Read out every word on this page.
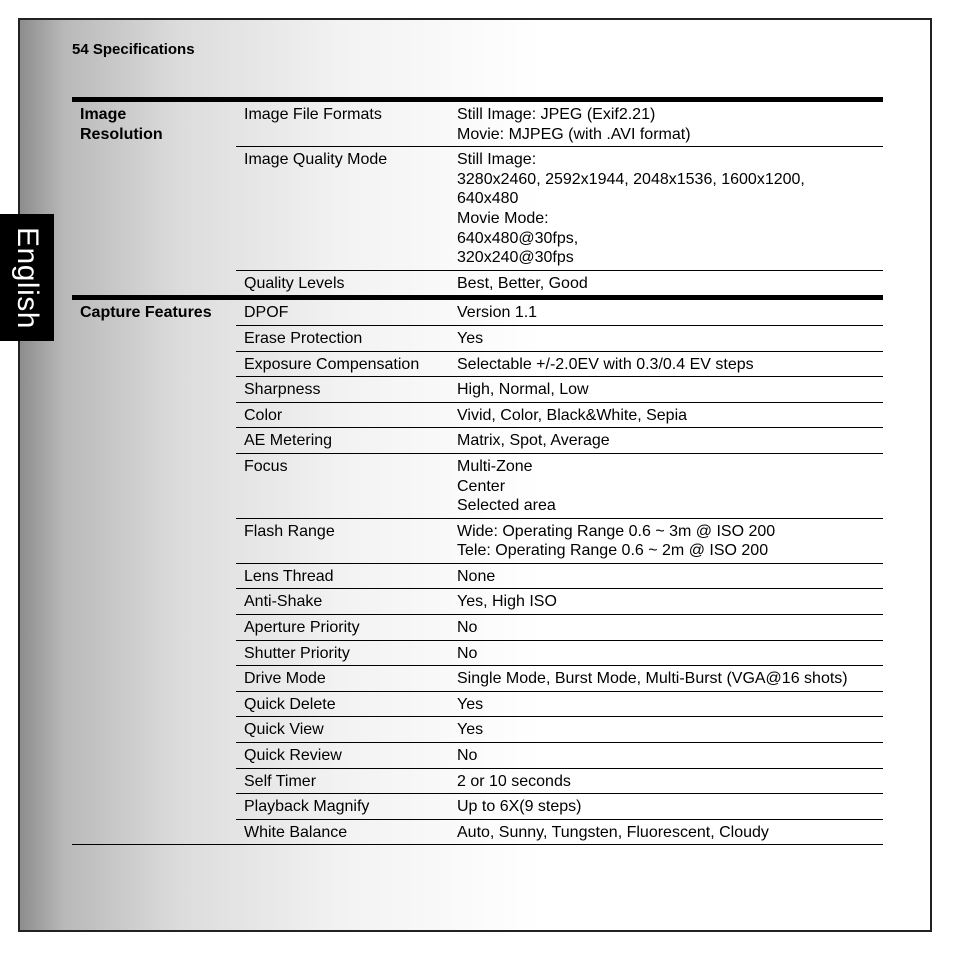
54 Specifications
English
Image
Resolution
Image File Formats	Still Image: JPEG (Exif2.21)
Movie: MJPEG (with .AVI format)
Image Quality Mode	Still Image:
3280x2460, 2592x1944, 2048x1536, 1600x1200,
640x480
Movie Mode:
640x480@30fps,
320x240@30fps
Quality Levels	Best, Better, Good
Capture Features	DPOF	Version 1.1
Erase Protection	Yes
Exposure Compensation	Selectable +/-2.0EV with 0.3/0.4 EV steps
Sharpness	High, Normal, Low
Color	Vivid, Color, Black&White, Sepia
AE Metering	Matrix, Spot, Average
Focus	Multi-Zone
Center
Selected area
Flash Range	Wide: Operating Range 0.6 ~ 3m @ ISO 200
Tele: Operating Range 0.6 ~ 2m @ ISO 200
Lens Thread	None
Anti-Shake	Yes, High ISO
Aperture Priority	No
Shutter Priority	No
Drive Mode	Single Mode, Burst Mode, Multi-Burst (VGA@16 shots)
Quick Delete	Yes
Quick View	Yes
Quick Review	No
Self Timer	2 or 10 seconds
Playback Magnify	Up to 6X(9 steps)
White Balance	Auto, Sunny, Tungsten, Fluorescent, Cloudy
